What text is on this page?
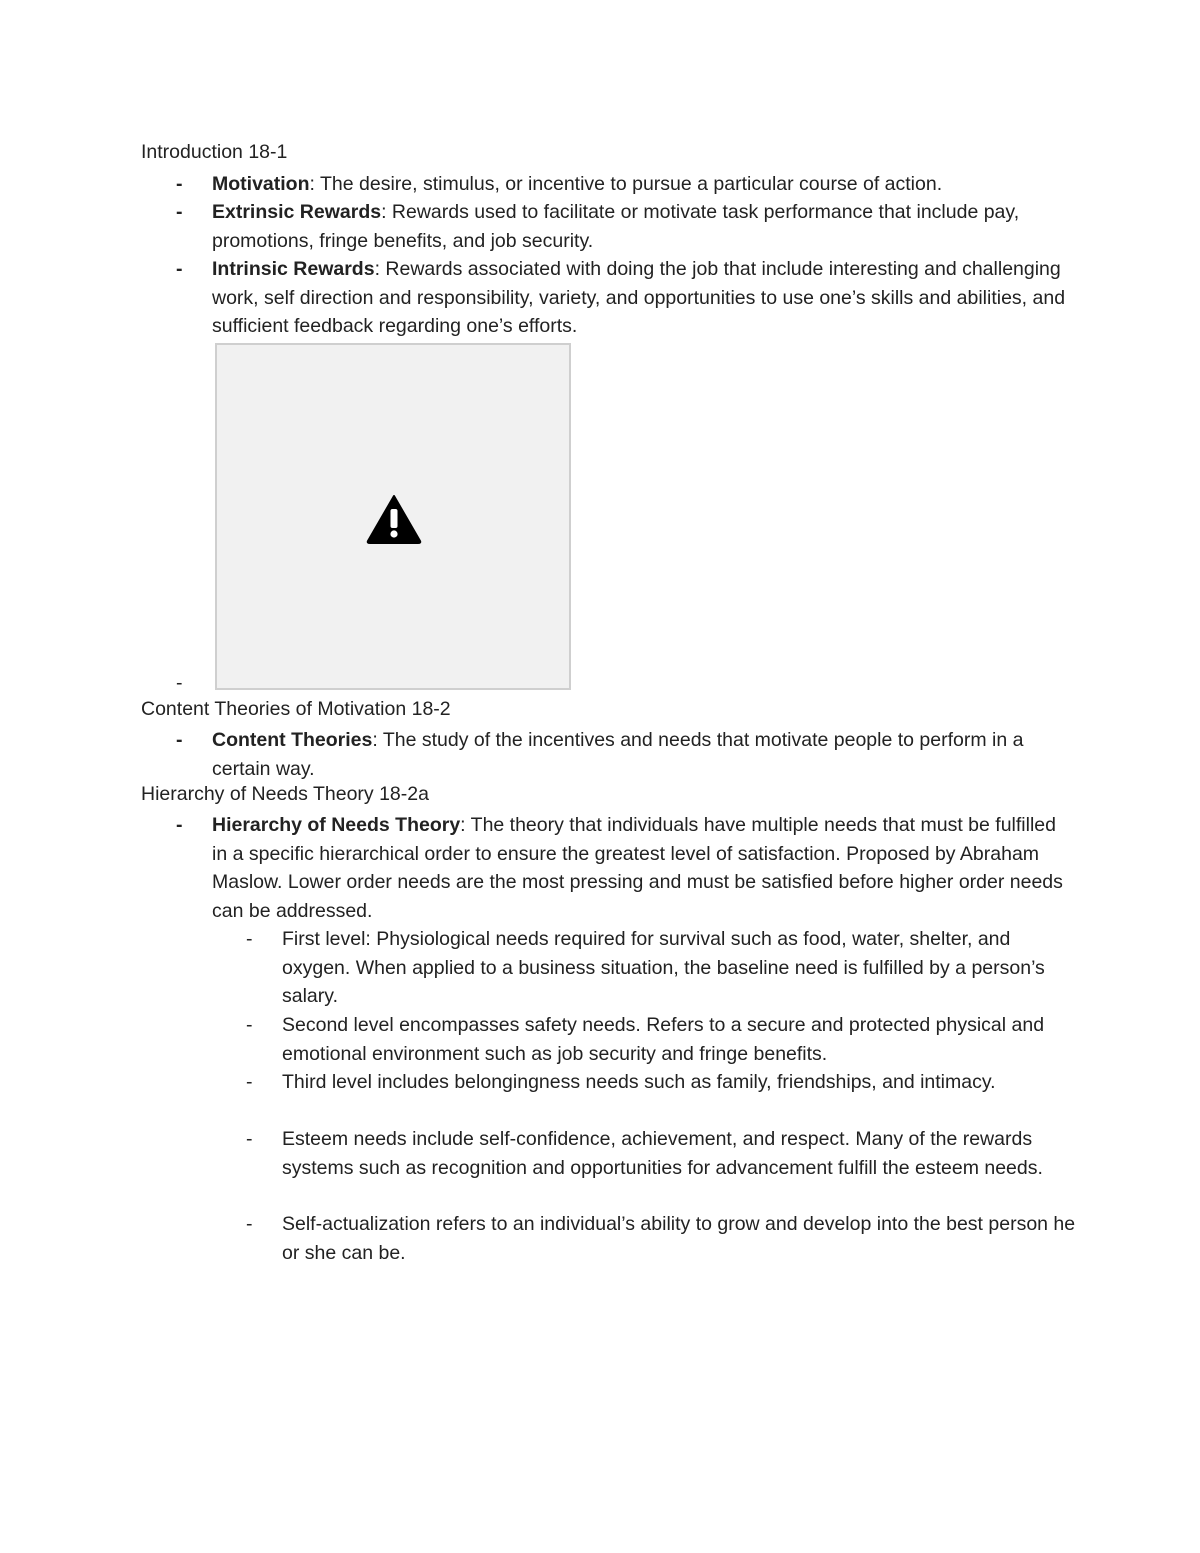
Introduction 18-1
- Motivation: The desire, stimulus, or incentive to pursue a particular course of action.
- Extrinsic Rewards: Rewards used to facilitate or motivate task performance that include pay, promotions, fringe benefits, and job security.
- Intrinsic Rewards: Rewards associated with doing the job that include interesting and challenging work, self direction and responsibility, variety, and opportunities to use one’s skills and abilities, and sufficient feedback regarding one’s efforts.
-
Content Theories of Motivation 18-2
- Content Theories: The study of the incentives and needs that motivate people to perform in a certain way.
Hierarchy of Needs Theory 18-2a
- Hierarchy of Needs Theory: The theory that individuals have multiple needs that must be fulfilled in a specific hierarchical order to ensure the greatest level of satisfaction. Proposed by Abraham Maslow. Lower order needs are the most pressing and must be satisfied before higher order needs can be addressed.
- First level: Physiological needs required for survival such as food, water, shelter, and oxygen. When applied to a business situation, the baseline need is fulfilled by a person’s salary.
- Second level encompasses safety needs. Refers to a secure and protected physical and emotional environment such as job security and fringe benefits.
- Third level includes belongingness needs such as family, friendships, and intimacy.
- Esteem needs include self-confidence, achievement, and respect. Many of the rewards systems such as recognition and opportunities for advancement fulfill the esteem needs.
- Self-actualization refers to an individual’s ability to grow and develop into the best person he or she can be.
